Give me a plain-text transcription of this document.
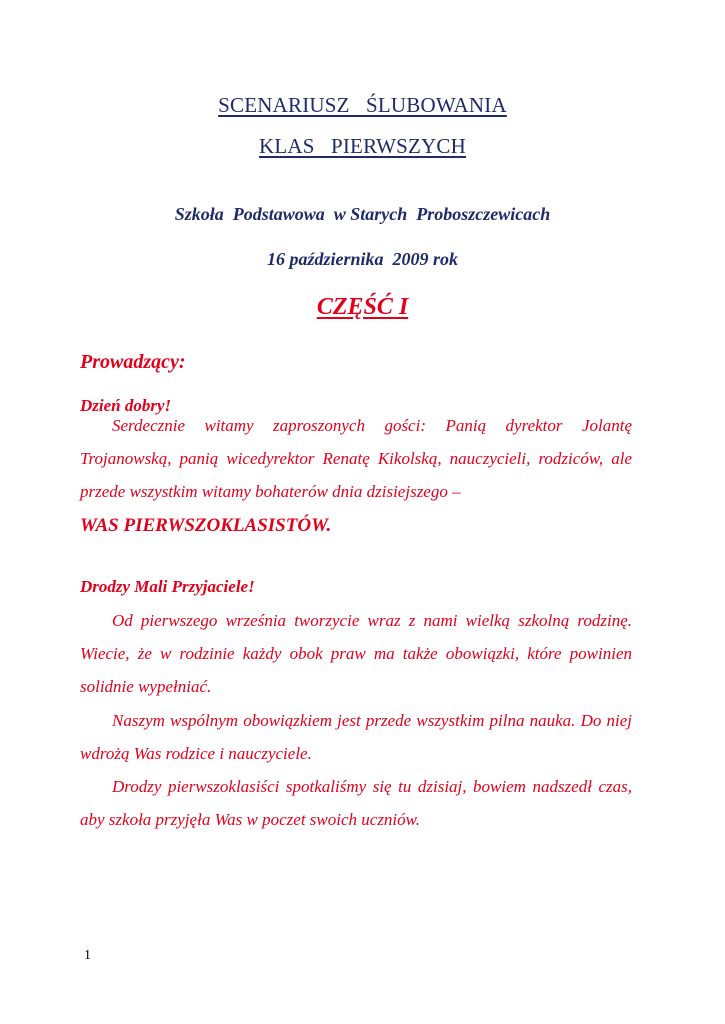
SCENARIUSZ   ŚLUBOWANIA
KLAS   PIERWSZYCH
Szkoła  Podstawowa  w Starych  Proboszczewicach
16 października  2009 rok
CZĘŚĆ I
Prowadzący:
Dzień dobry!
Serdecznie witamy zaproszonych gości: Panią dyrektor Jolantę Trojanowską, panią wicedyrektor Renatę Kikolską, nauczycieli, rodziców, ale przede wszystkim witamy bohaterów dnia dzisiejszego –
WAS PIERWSZOKLASISTÓW.
Drodzy Mali Przyjaciele!
Od pierwszego września tworzycie wraz z nami wielką szkolną rodzinę. Wiecie, że w rodzinie każdy obok praw ma także obowiązki, które powinien solidnie wypełniać.
Naszym wspólnym obowiązkiem jest przede wszystkim pilna nauka. Do niej wdrożą Was rodzice i nauczyciele.
Drodzy pierwszoklasiści spotkaliśmy się tu dzisiaj, bowiem nadszedł czas, aby szkoła przyjęła Was w poczet swoich uczniów.
1
